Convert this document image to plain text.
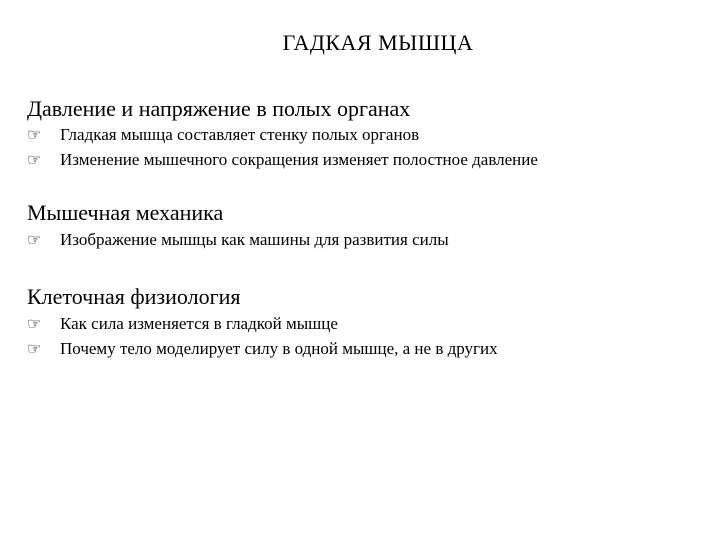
ГАДКАЯ МЫШЦА
Давление и напряжение в полых органах
☞	Гладкая мышца составляет стенку полых органов
☞	Изменение мышечного сокращения изменяет полостное давление
Мышечная механика
☞	Изображение мышцы как машины для развития силы
Клеточная физиология
☞	Как сила изменяется в гладкой мышце
☞	Почему тело моделирует силу в одной мышце, а не в других
